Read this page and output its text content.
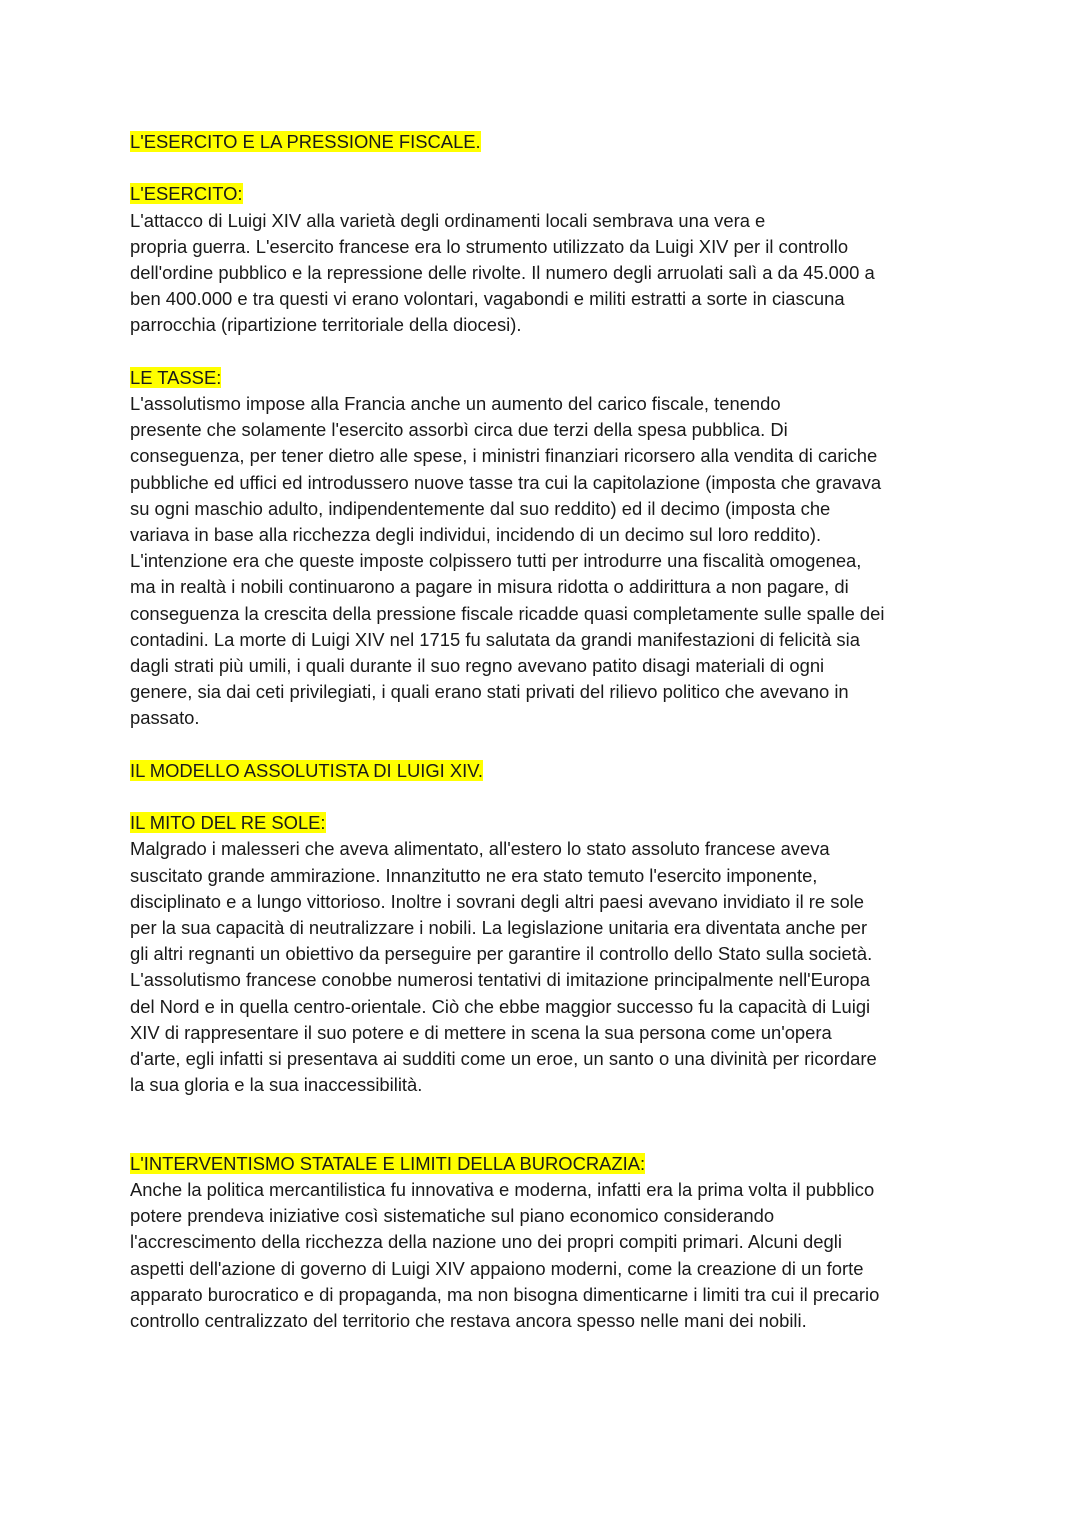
L'ESERCITO E LA PRESSIONE FISCALE.
L'ESERCITO:
L'attacco di Luigi XIV alla varietà degli ordinamenti locali sembrava una vera e
propria guerra. L'esercito francese era lo strumento utilizzato da Luigi XIV per il controllo
dell'ordine pubblico e la repressione delle rivolte. Il numero degli arruolati salì a da 45.000 a
ben 400.000 e tra questi vi erano volontari, vagabondi e militi estratti a sorte in ciascuna
parrocchia (ripartizione territoriale della diocesi).
LE TASSE:
L'assolutismo impose alla Francia anche un aumento del carico fiscale, tenendo
presente che solamente l'esercito assorbì circa due terzi della spesa pubblica. Di
conseguenza, per tener dietro alle spese, i ministri finanziari ricorsero alla vendita di cariche
pubbliche ed uffici ed introdussero nuove tasse tra cui la capitolazione (imposta che gravava
su ogni maschio adulto, indipendentemente dal suo reddito) ed il decimo (imposta che
variava in base alla ricchezza degli individui, incidendo di un decimo sul loro reddito).
L'intenzione era che queste imposte colpissero tutti per introdurre una fiscalità omogenea,
ma in realtà i nobili continuarono a pagare in misura ridotta o addirittura a non pagare, di
conseguenza la crescita della pressione fiscale ricadde quasi completamente sulle spalle dei
contadini. La morte di Luigi XIV nel 1715 fu salutata da grandi manifestazioni di felicità sia
dagli strati più umili, i quali durante il suo regno avevano patito disagi materiali di ogni
genere, sia dai ceti privilegiati, i quali erano stati privati del rilievo politico che avevano in
passato.
IL MODELLO ASSOLUTISTA DI LUIGI XIV.
IL MITO DEL RE SOLE:
Malgrado i malesseri che aveva alimentato, all'estero lo stato assoluto francese aveva
suscitato grande ammirazione. Innanzitutto ne era stato temuto l'esercito imponente,
disciplinato e a lungo vittorioso. Inoltre i sovrani degli altri paesi avevano invidiato il re sole
per la sua capacità di neutralizzare i nobili. La legislazione unitaria era diventata anche per
gli altri regnanti un obiettivo da perseguire per garantire il controllo dello Stato sulla società.
L'assolutismo francese conobbe numerosi tentativi di imitazione principalmente nell'Europa
del Nord e in quella centro-orientale. Ciò che ebbe maggior successo fu la capacità di Luigi
XIV di rappresentare il suo potere e di mettere in scena la sua persona come un'opera
d'arte, egli infatti si presentava ai sudditi come un eroe, un santo o una divinità per ricordare
la sua gloria e la sua inaccessibilità.
L'INTERVENTISMO STATALE E LIMITI DELLA BUROCRAZIA:
Anche la politica mercantilistica fu innovativa e moderna, infatti era la prima volta il pubblico
potere prendeva iniziative così sistematiche sul piano economico considerando
l'accrescimento della ricchezza della nazione uno dei propri compiti primari. Alcuni degli
aspetti dell'azione di governo di Luigi XIV appaiono moderni, come la creazione di un forte
apparato burocratico e di propaganda, ma non bisogna dimenticarne i limiti tra cui il precario
controllo centralizzato del territorio che restava ancora spesso nelle mani dei nobili.
